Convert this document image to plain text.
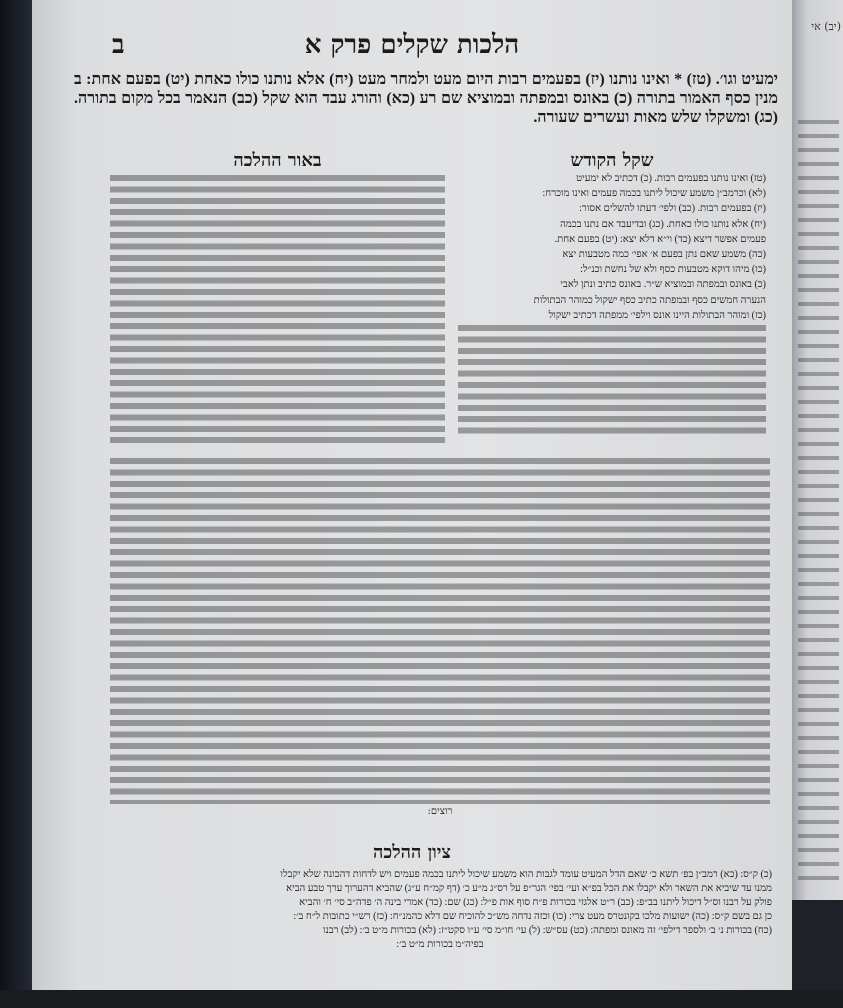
הלכות שקלים פרק א
ב
ימעיט וגו׳. (טז) * ואינו נותנו (יז) בפעמים רבות היום מעט ולמחר מעט (יח) אלא נותנו כולו כאחת (יט) בפעם אחת: ב מנין כסף האמור בתורה (כ) באונס ובמפתה ובמוציא שם רע (כא) והורג עבד הוא שקל (כב) הנאמר בכל מקום בתורה. (כג) ומשקלו שלש מאות ועשרים שעורה.
שקל הקודש
(טז) ואינו נותנו בפעמים רבות. (כ) דכתיב לא ימעיט
(לא) וכרמב״ן משמע שיכול ליתנו בכמה פעמים ואינו מוכרח:
(יז) בפעמים רבות. (כב) ולפי׳ דעתו להשלים אסור:
(יח) אלא נותנו כולו כאחת. (כג) ובדיעבד אם נתנו בכמה
פעמים אפשר דיצא (כד) וי״א דלא יצא: (יט) בפעם אחת.
(כה) משמע שאם נתן בפעם א׳ אפי׳ כמה מטבעות יצא
(כו) מיהו דוקא מטבעות כסף ולא של נחשת וכנ״ל:
(כ) באונס ובמפתה ובמוציא ש״ר. באונס כתיב ונתן לאבי
הנערה חמשים כסף ובמפתה כתיב כסף ישקול כמוהר הבתולות
(כז) ומוהר הבתולות היינו אונס וילפי׳ ממפתה דכתיב ישקול
באור ההלכה
רוצים:
ציון ההלכה
(כ) ק״ס: (כא) רמב״ן בפ׳ תשא כ׳ שאם הדל המעיט עומד לגבות הוא משמע שיכול ליתנו בכמה פעמים ויש לדחות דהכונה שלא יקבלו
ממנו עד שיביא את השאר ולא יקבלו את הכל בפ״א ועי׳ בפי׳ הגר״פ על רס״ג מ״ע כ׳ (דף קמ״ח ע״ג) שהביא דהערוך ערך טבע הביא
פולק על רבנו וס״ל דיכול ליתנו בב״פ: (כב) ר״ט אלגזי בכורות פ״ח סוף אות פ״ל: (כג) שם: (כד) אמרי בינה ה׳ פדה״ב סי׳ ח׳ והביא
כן גם בשם ק״ס: (כה) ישועות מלכו בקונטרס מעט צרי: (כו) וכזה נדחה מש״כ להוכיח שם דלא כהמנ״ח: (כז) רש״י כתובות ל״ח ב׳:
(כח) בכורות נ׳ ב׳ ולספר דילפי׳ זה מאונס ומפתה: (כט) עס״ש: (ל) עי׳ חו״מ סי׳ ע״ו סקט״ז: (לא) בכורות מ״ט ב׳: (לב) רבנו
בפיה״מ בכורות מ״ט ב׳:
(יב) אי
